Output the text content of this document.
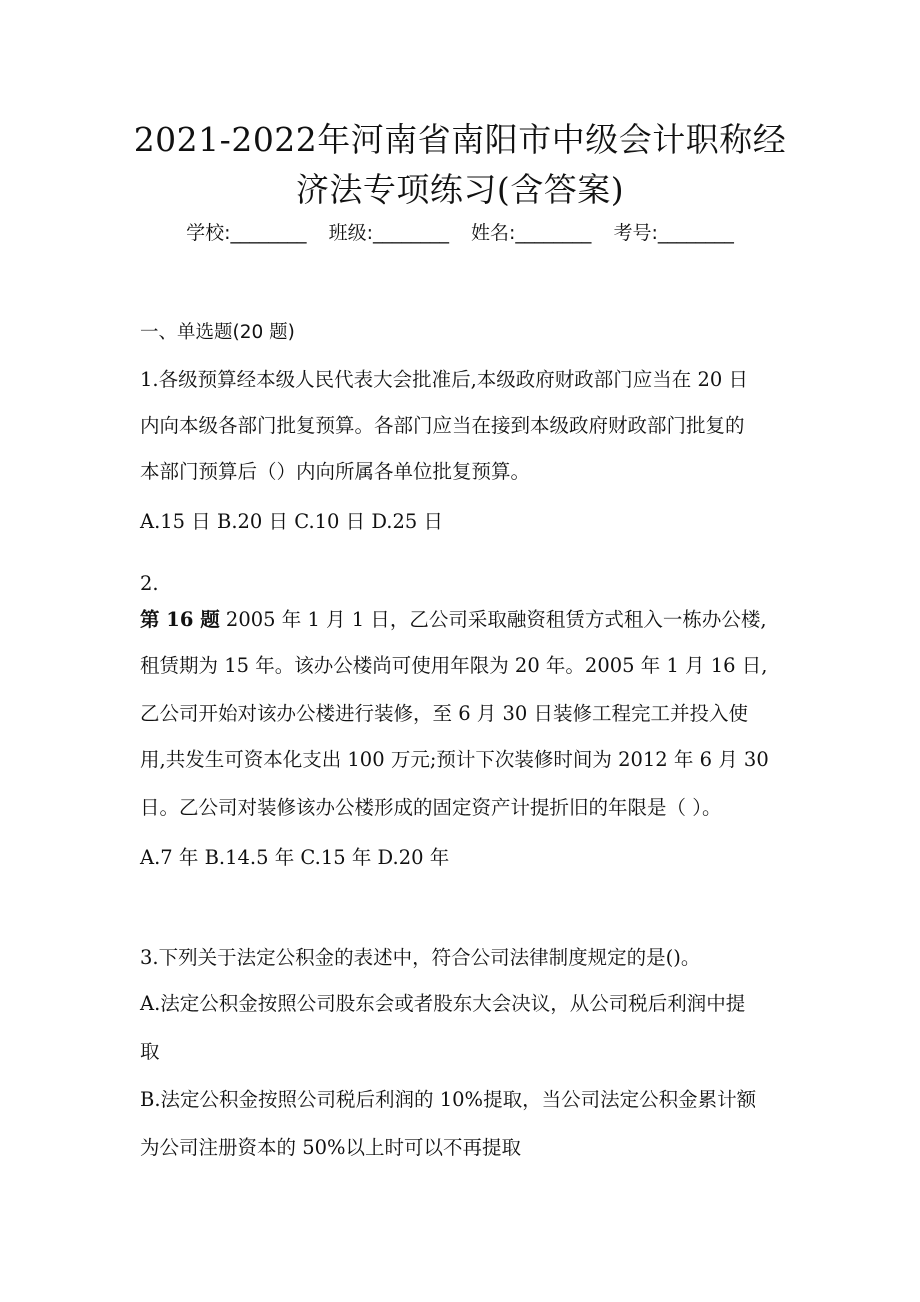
2021-2022年河南省南阳市中级会计职称经
济法专项练习(含答案)
学校:________ 班级:________ 姓名:________ 考号:________
一、单选题(20 题)
1.各级预算经本级人民代表大会批准后,本级政府财政部门应当在 20 日
内向本级各部门批复预算。各部门应当在接到本级政府财政部门批复的
本部门预算后（）内向所属各单位批复预算。
A.15 日 B.20 日 C.10 日 D.25 日
2.
第 16 题 2005 年 1 月 1 日，乙公司采取融资租赁方式租入一栋办公楼,
租赁期为 15 年。该办公楼尚可使用年限为 20 年。2005 年 1 月 16 日,
乙公司开始对该办公楼进行装修，至 6 月 30 日装修工程完工并投入使
用,共发生可资本化支出 100 万元;预计下次装修时间为 2012 年 6 月 30
日。乙公司对装修该办公楼形成的固定资产计提折旧的年限是（ ）。
A.7 年 B.14.5 年 C.15 年 D.20 年
3.下列关于法定公积金的表述中，符合公司法律制度规定的是()。
A.法定公积金按照公司股东会或者股东大会决议，从公司税后利润中提
取
B.法定公积金按照公司税后利润的 10%提取，当公司法定公积金累计额
为公司注册资本的 50%以上时可以不再提取
